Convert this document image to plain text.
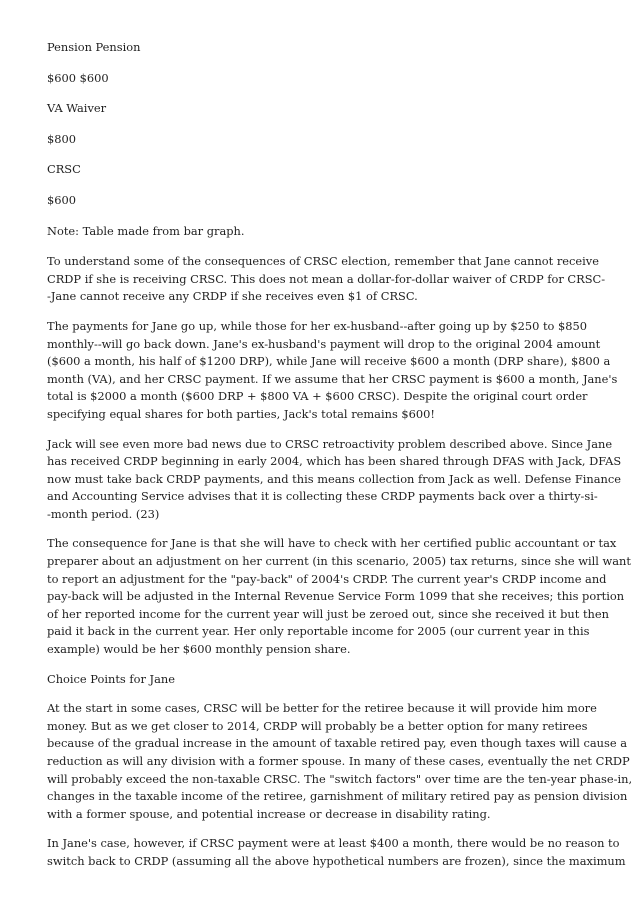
Pension Pension

$600 $600

VA Waiver

$800

CRSC

$600

Note: Table made from bar graph.

To understand some of the consequences of CRSC election, remember that Jane cannot receive

CRDP if she is receiving CRSC. This does not mean a dollar-for-dollar waiver of CRDP for CRSC-

-Jane cannot receive any CRDP if she receives even $1 of CRSC.

The payments for Jane go up, while those for her ex-husband--after going up by $250 to $850

monthly--will go back down. Jane's ex-husband's payment will drop to the original 2004 amount

($600 a month, his half of $1200 DRP), while Jane will receive $600 a month (DRP share), $800 a

month (VA), and her CRSC payment. If we assume that her CRSC payment is $600 a month, Jane's

total is $2000 a month ($600 DRP + $800 VA + $600 CRSC). Despite the original court order

specifying equal shares for both parties, Jack's total remains $600!

Jack will see even more bad news due to CRSC retroactivity problem described above. Since Jane

has received CRDP beginning in early 2004, which has been shared through DFAS with Jack, DFAS

now must take back CRDP payments, and this means collection from Jack as well. Defense Finance

and Accounting Service advises that it is collecting these CRDP payments back over a thirty-si-

-month period. (23)

The consequence for Jane is that she will have to check with her certified public accountant or tax

preparer about an adjustment on her current (in this scenario, 2005) tax returns, since she will want

to report an adjustment for the "pay-back" of 2004's CRDP. The current year's CRDP income and

pay-back will be adjusted in the Internal Revenue Service Form 1099 that she receives; this portion

of her reported income for the current year will just be zeroed out, since she received it but then

paid it back in the current year. Her only reportable income for 2005 (our current year in this

example) would be her $600 monthly pension share.

Choice Points for Jane

At the start in some cases, CRSC will be better for the retiree because it will provide him more

money. But as we get closer to 2014, CRDP will probably be a better option for many retirees

because of the gradual increase in the amount of taxable retired pay, even though taxes will cause a

reduction as will any division with a former spouse. In many of these cases, eventually the net CRDP

will probably exceed the non-taxable CRSC. The "switch factors" over time are the ten-year phase-in,

changes in the taxable income of the retiree, garnishment of military retired pay as pension division

with a former spouse, and potential increase or decrease in disability rating.

In Jane's case, however, if CRSC payment were at least $400 a month, there would be no reason to

switch back to CRDP (assuming all the above hypothetical numbers are frozen), since the maximum
